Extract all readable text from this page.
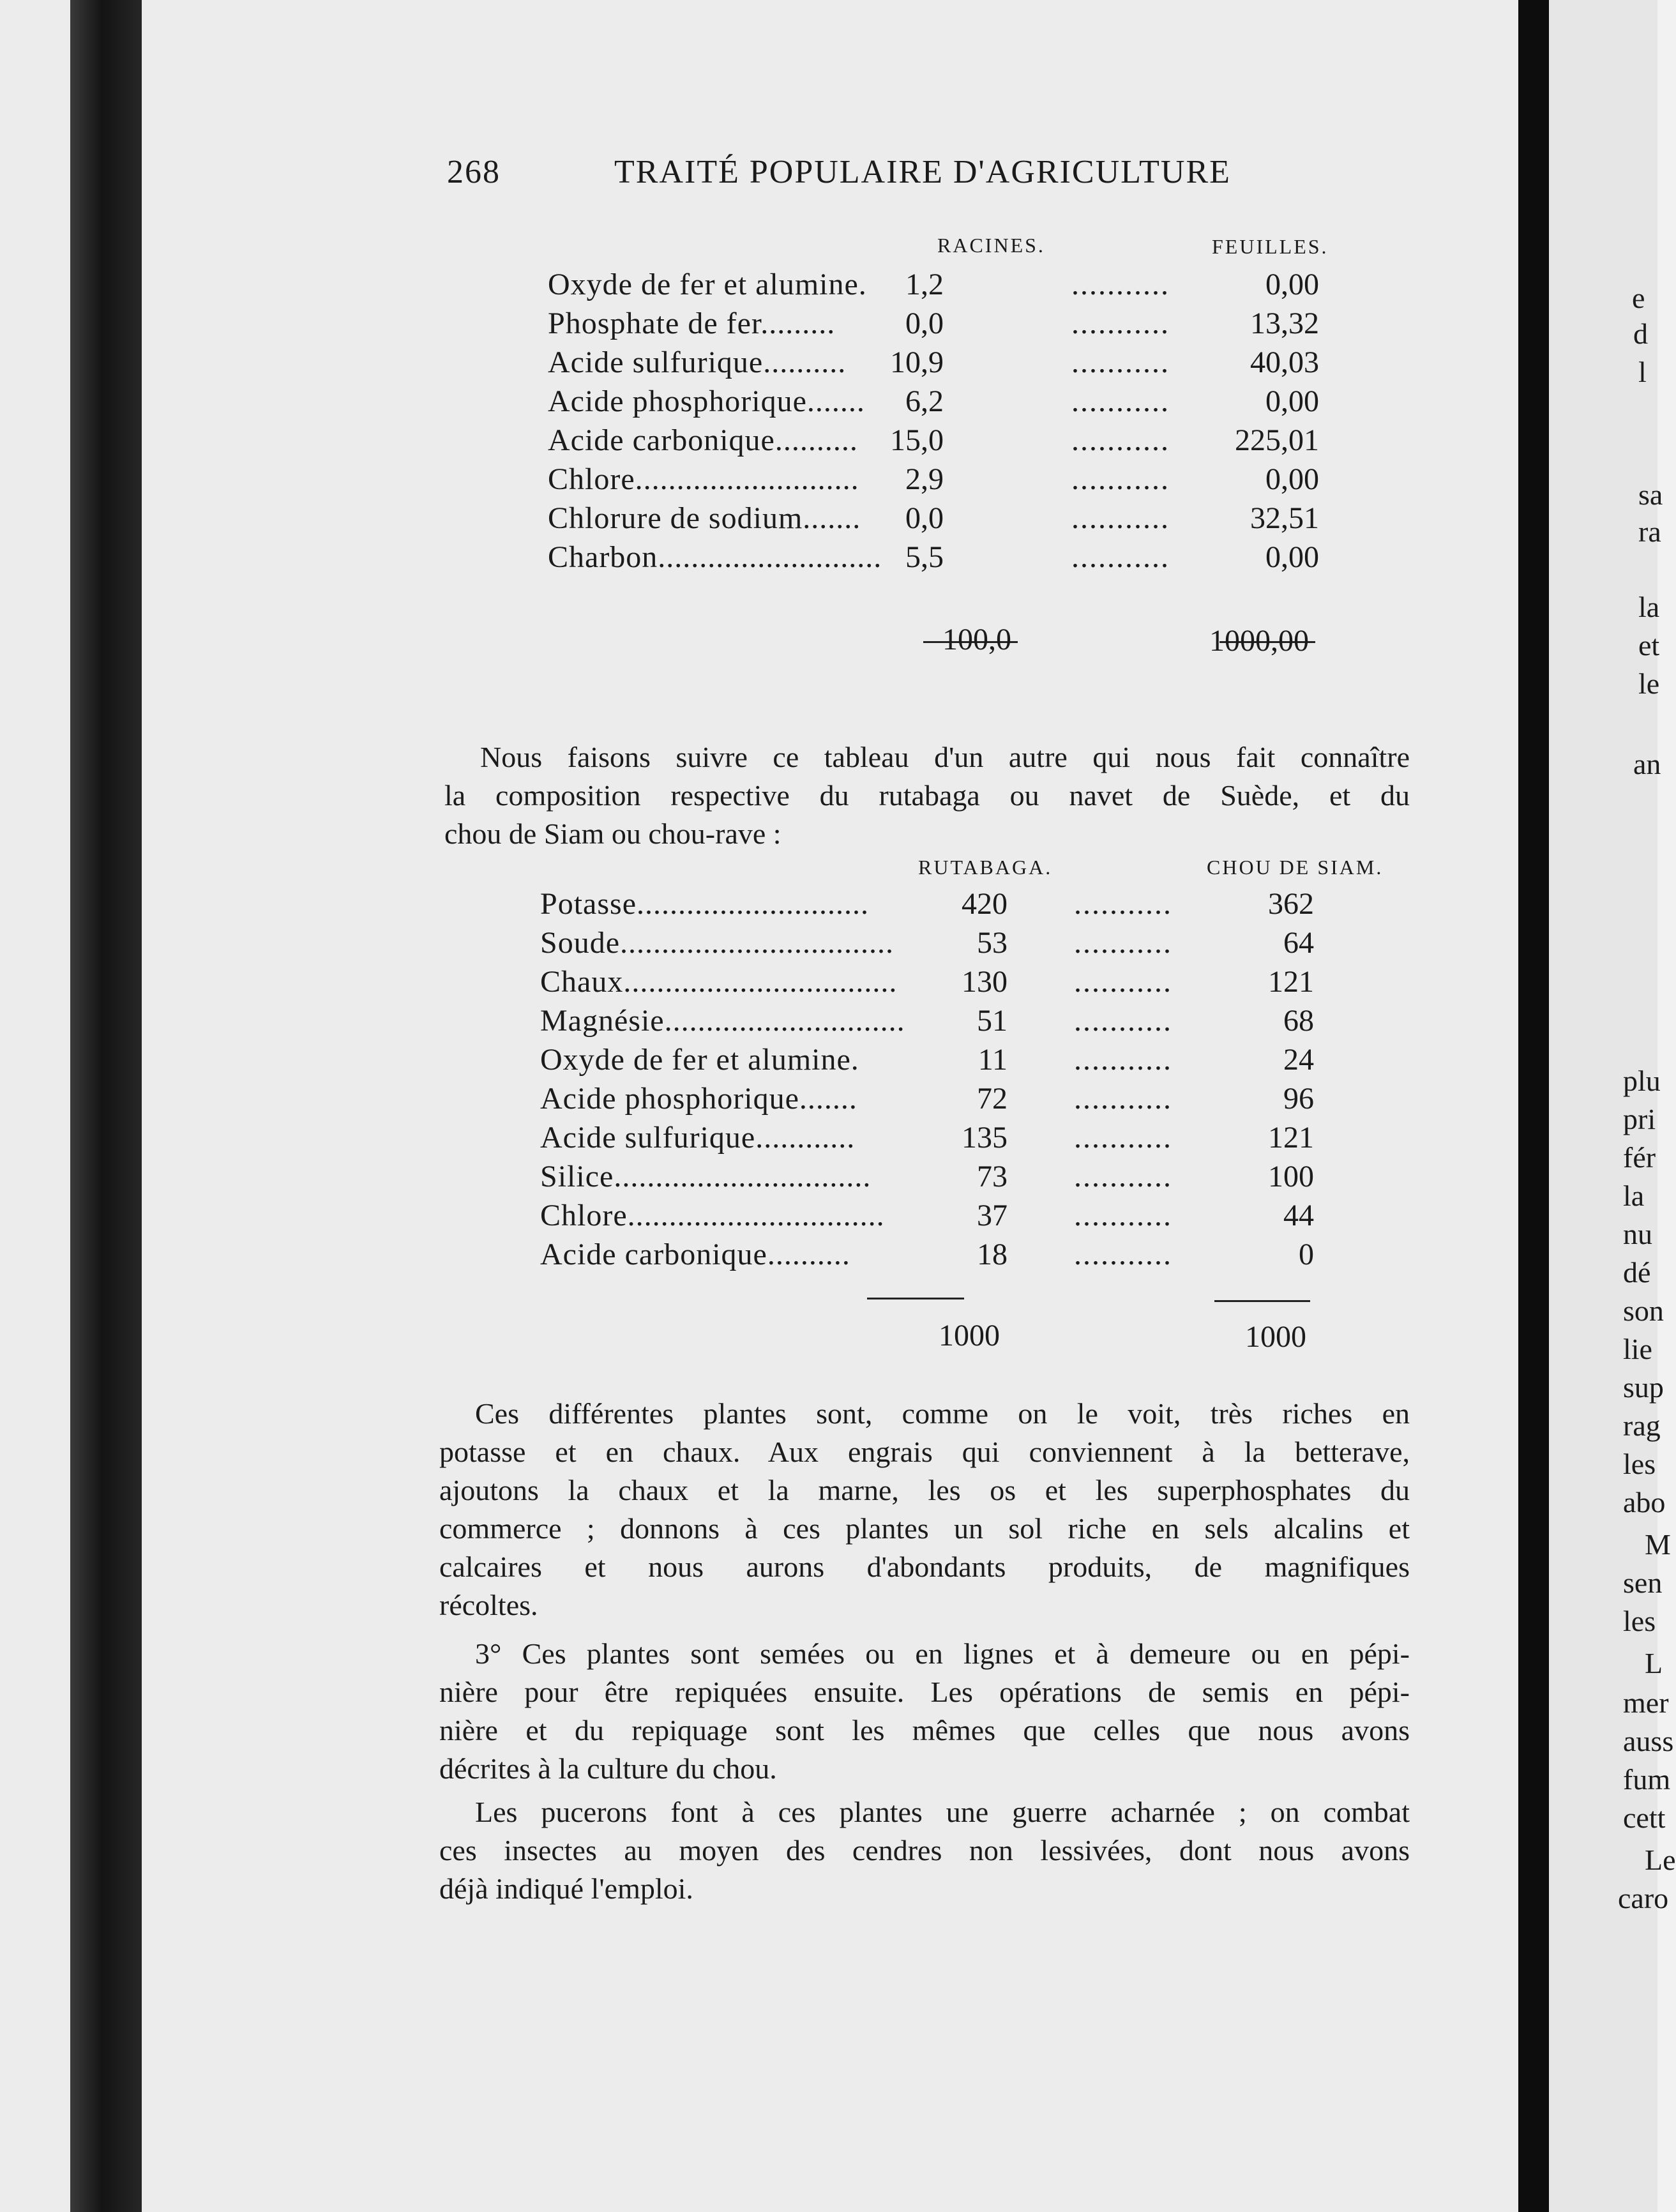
268	TRAITÉ POPULAIRE D'AGRICULTURE
RACINES.	FEUILLES.
Oxyde de fer et alumine. 1,2	...........	0,00
Phosphate de fer......... 0,0	...........	13,32
Acide sulfurique.......... 10,9	...........	40,03
Acide phosphorique....... 6,2	...........	0,00
Acide carbonique.......... 15,0	........... 225,01
Chlore........................... 2,9	...........	0,00
Chlorure de sodium....... 0,0	...........	32,51
Charbon........................... 5,5	...........	0,00
100,0	1000,00
Nous faisons suivre ce tableau d'un autre qui nous fait connaître
la composition respective du rutabaga ou navet de Suède, et du
chou de Siam ou chou-rave :
RUTABAGA.	CHOU DE SIAM.
Potasse............................	420 ...........	362
Soude.................................	53 ...........	64
Chaux................................. 130 ...........	121
Magnésie............................. 51 ...........	68
Oxyde de fer et alumine.	11 ...........	24
Acide phosphorique.......	72 ...........	96
Acide sulfurique............	135 ...........	121
Silice...............................	73 ...........	100
Chlore...............................	37 ...........	44
Acide carbonique..........	18 ...........	0
1000	1000
Ces différentes plantes sont, comme on le voit, très riches en
potasse et en chaux. Aux engrais qui conviennent à la betterave,
ajoutons la chaux et la marne, les os et les superphosphates du
commerce ; donnons à ces plantes un sol riche en sels alcalins et
calcaires et nous aurons d'abondants produits, de magnifiques
récoltes.
3° Ces plantes sont semées ou en lignes et à demeure ou en pépi-
nière pour être repiquées ensuite. Les opérations de semis en pépi-
nière et du repiquage sont les mêmes que celles que nous avons
décrites à la culture du chou.
Les pucerons font à ces plantes une guerre acharnée ; on combat
ces insectes au moyen des cendres non lessivées, dont nous avons
déjà indiqué l'emploi.
e
d
l
sa
ra
la
et
le
an
plu
pri
fér
la
nu
dé
son
lie
sup
rag
les
abo
M
sen
les
L
mer
auss
fum
cett
Le
caro
